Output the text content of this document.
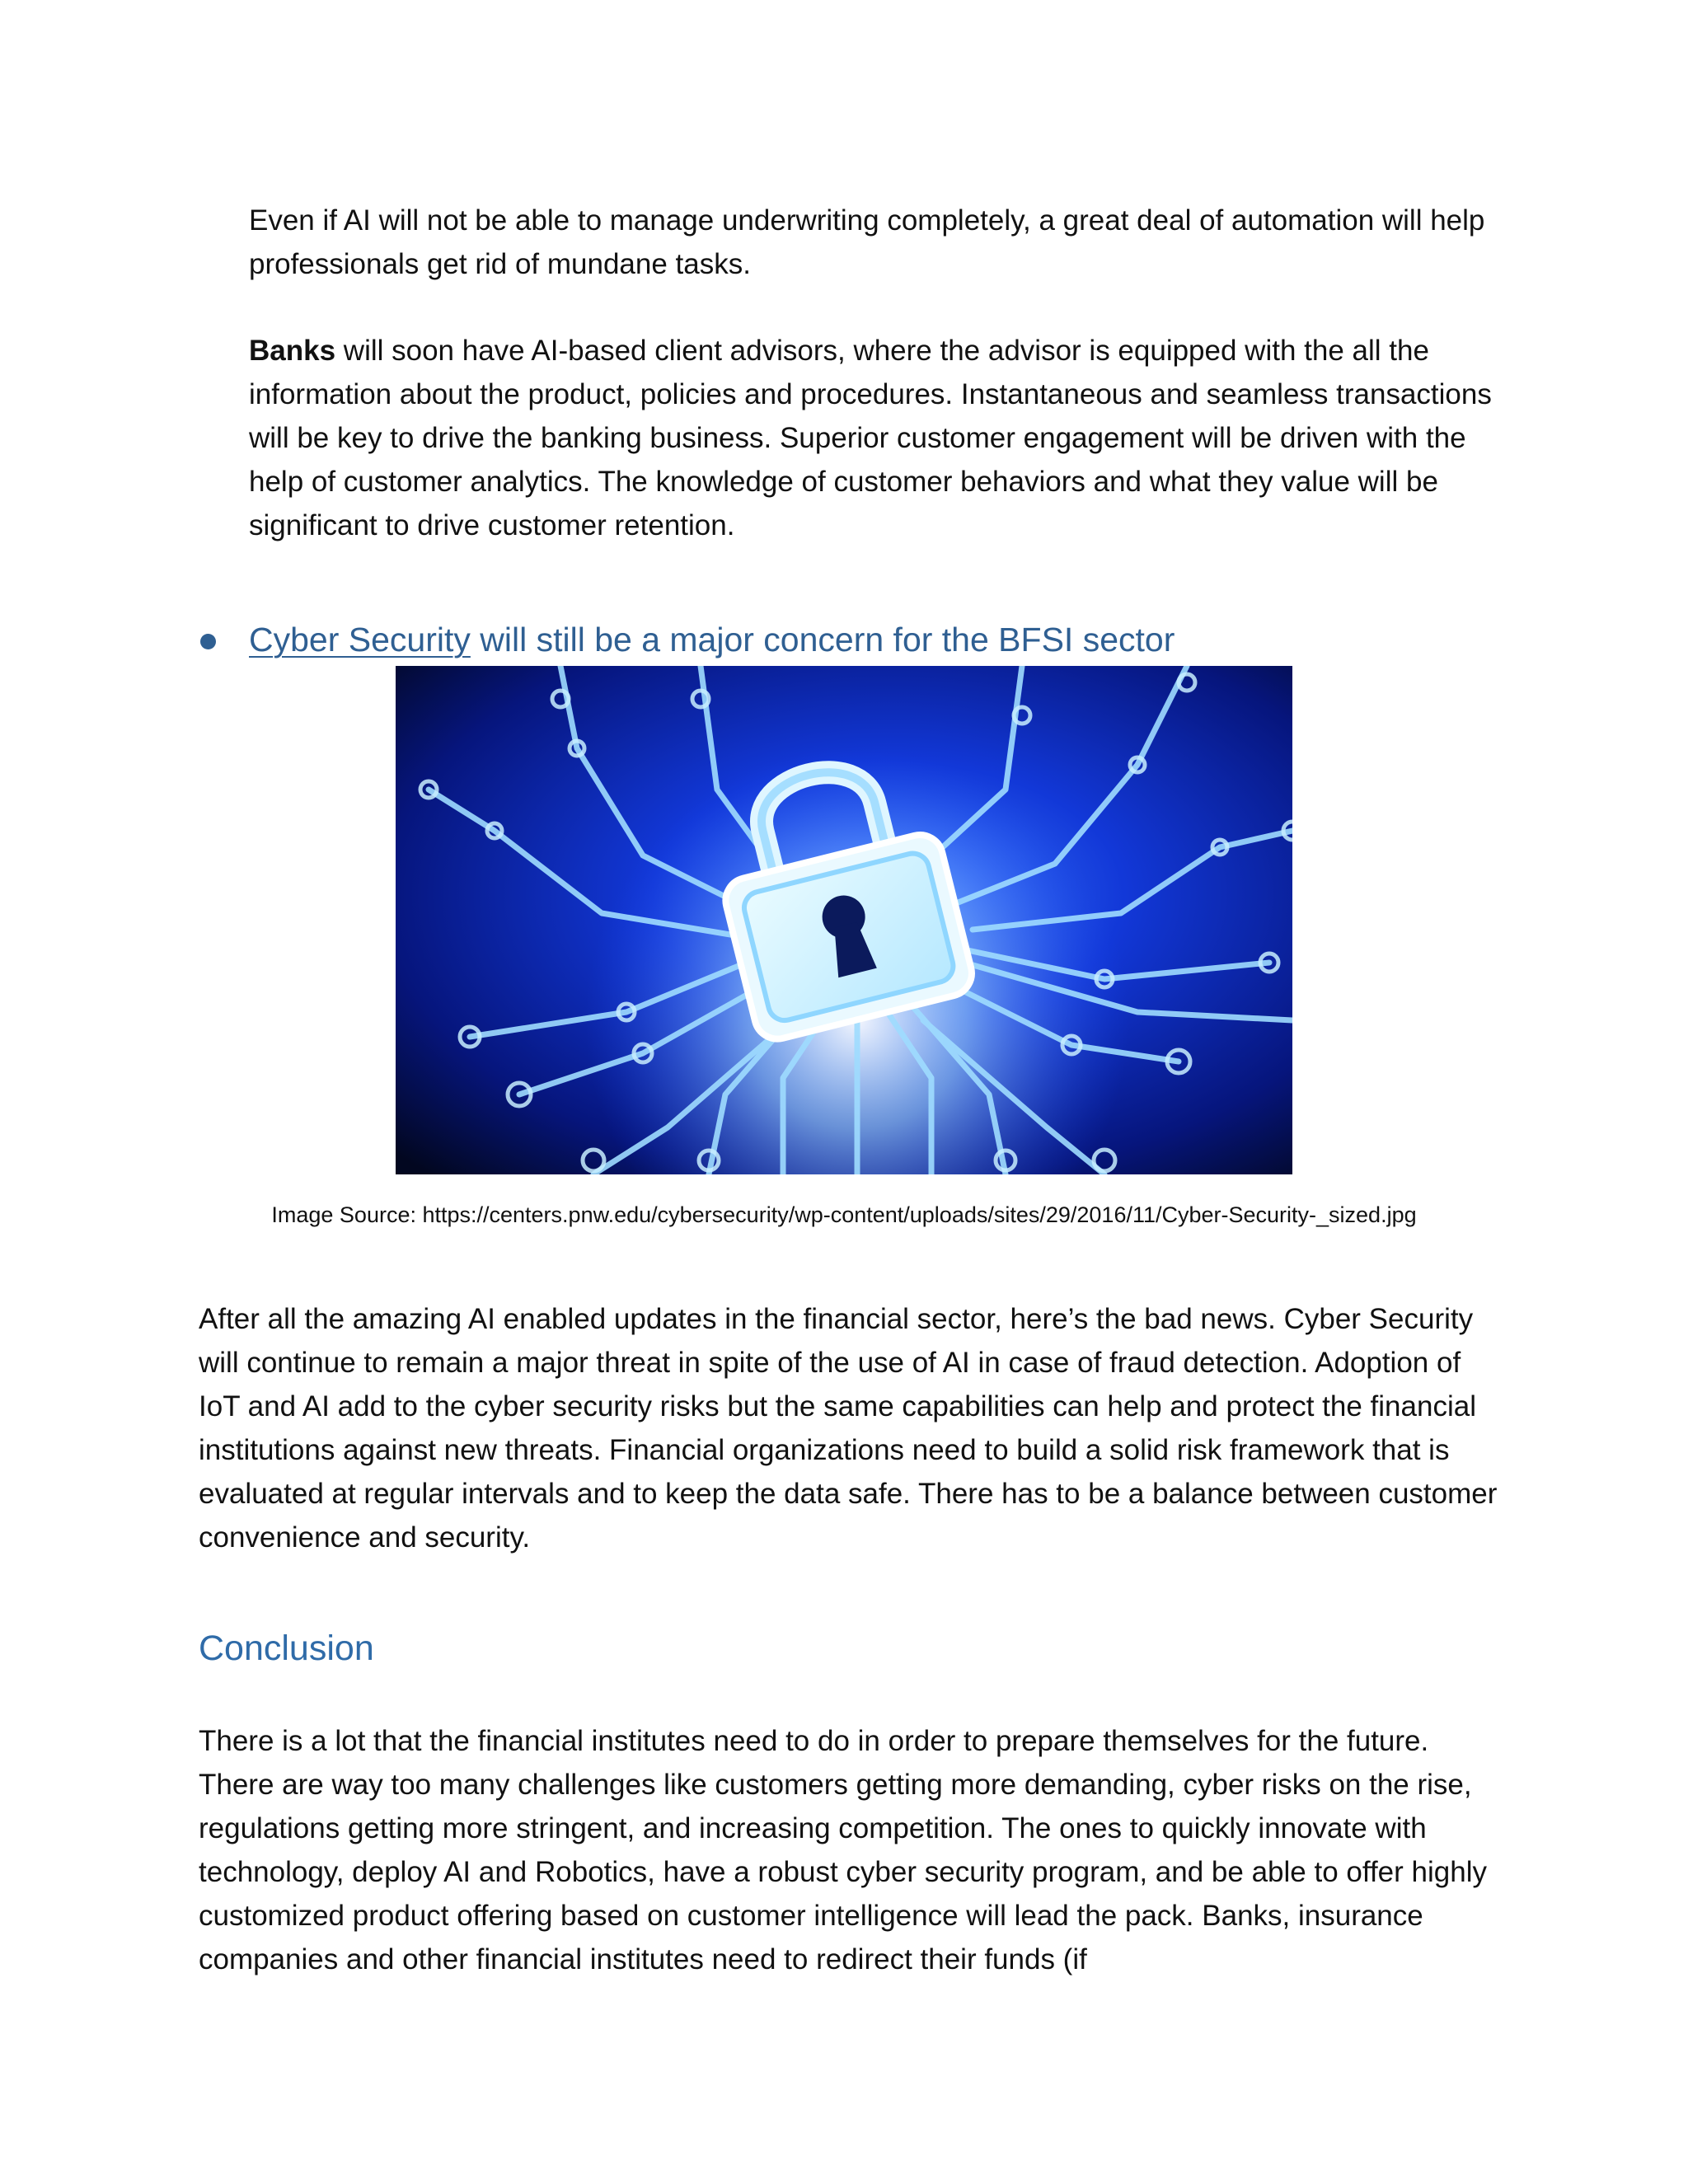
Even if AI will not be able to manage underwriting completely, a great deal of automation will help professionals get rid of mundane tasks.

Banks will soon have AI-based client advisors, where the advisor is equipped with the all the information about the product, policies and procedures. Instantaneous and seamless transactions will be key to drive the banking business. Superior customer engagement will be driven with the help of customer analytics. The knowledge of customer behaviors and what they value will be significant to drive customer retention.

Cyber Security will still be a major concern for the BFSI sector
Image Source: https://centers.pnw.edu/cybersecurity/wp-content/uploads/sites/29/2016/11/Cyber-Security-_sized.jpg

After all the amazing AI enabled updates in the financial sector, here’s the bad news. Cyber Security will continue to remain a major threat in spite of the use of AI in case of fraud detection. Adoption of IoT and AI add to the cyber security risks but the same capabilities can help and protect the financial institutions against new threats. Financial organizations need to build a solid risk framework that is evaluated at regular intervals and to keep the data safe. There has to be a balance between customer convenience and security.

Conclusion

There is a lot that the financial institutes need to do in order to prepare themselves for the future. There are way too many challenges like customers getting more demanding, cyber risks on the rise, regulations getting more stringent, and increasing competition. The ones to quickly innovate with technology, deploy AI and Robotics, have a robust cyber security program, and be able to offer highly customized product offering based on customer intelligence will lead the pack. Banks, insurance companies and other financial institutes need to redirect their funds (if
